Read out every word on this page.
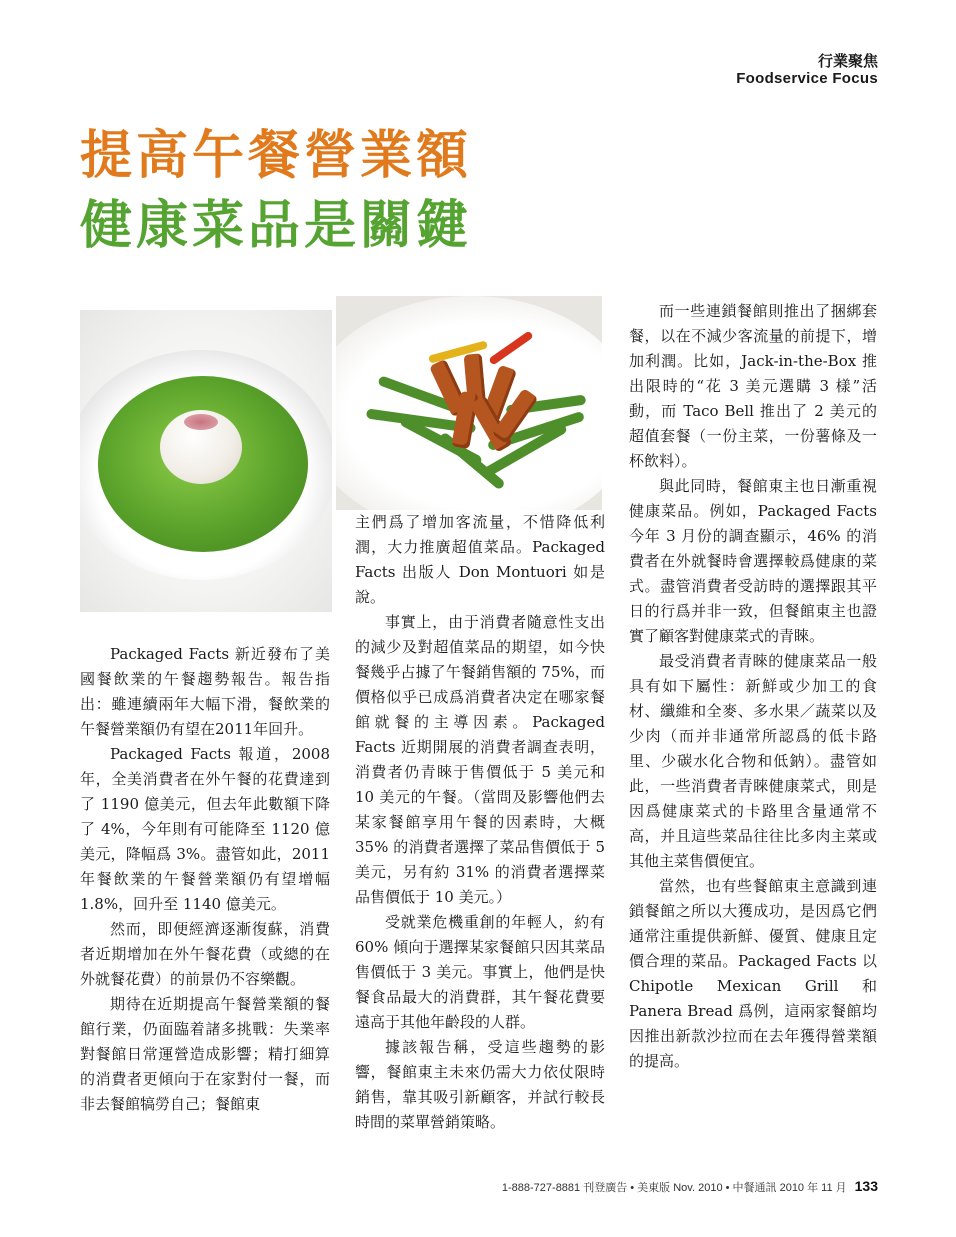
行業聚焦
Foodservice Focus
提高午餐營業額
健康菜品是關鍵

Packaged Facts 新近發布了美國餐飲業的午餐趨勢報告。報告指出：雖連續兩年大幅下滑，餐飲業的午餐營業額仍有望在2011年回升。

Packaged Facts 報道，2008 年，全美消費者在外午餐的花費達到了 1190 億美元，但去年此數額下降了 4%，今年則有可能降至 1120 億美元，降幅爲 3%。盡管如此，2011 年餐飲業的午餐營業額仍有望增幅 1.8%，回升至 1140 億美元。

然而，即便經濟逐漸復蘇，消費者近期增加在外午餐花費（或總的在外就餐花費）的前景仍不容樂觀。

期待在近期提高午餐營業額的餐館行業，仍面臨着諸多挑戰：失業率對餐館日常運營造成影響；精打細算的消費者更傾向于在家對付一餐，而非去餐館犒勞自己；餐館東

主們爲了增加客流量，不惜降低利潤，大力推廣超值菜品。Packaged Facts 出版人 Don Montuori 如是說。

事實上，由于消費者隨意性支出的減少及對超值菜品的期望，如今快餐幾乎占據了午餐銷售額的 75%，而價格似乎已成爲消費者决定在哪家餐館就餐的主導因素。Packaged Facts 近期開展的消費者調查表明，消費者仍青睞于售價低于 5 美元和 10 美元的午餐。（當問及影響他們去某家餐館享用午餐的因素時，大概 35% 的消費者選擇了菜品售價低于 5 美元，另有約 31% 的消費者選擇菜品售價低于 10 美元。）

受就業危機重創的年輕人，約有 60% 傾向于選擇某家餐館只因其菜品售價低于 3 美元。事實上，他們是快餐食品最大的消費群，其午餐花費要遠高于其他年齡段的人群。

據該報告稱，受這些趨勢的影響，餐館東主未來仍需大力依仗限時銷售，靠其吸引新顧客，并試行較長時間的菜單營銷策略。

而一些連鎖餐館則推出了捆綁套餐，以在不減少客流量的前提下，增加利潤。比如，Jack-in-the-Box 推出限時的“花 3 美元選購 3 樣”活動，而 Taco Bell 推出了 2 美元的超值套餐（一份主菜，一份薯條及一杯飲料）。

與此同時，餐館東主也日漸重視健康菜品。例如，Packaged Facts 今年 3 月份的調查顯示，46% 的消費者在外就餐時會選擇較爲健康的菜式。盡管消費者受訪時的選擇跟其平日的行爲并非一致，但餐館東主也證實了顧客對健康菜式的青睞。

最受消費者青睞的健康菜品一般具有如下屬性：新鮮或少加工的食材、纖維和全麥、多水果／蔬菜以及少肉（而并非通常所認爲的低卡路里、少碳水化合物和低鈉）。盡管如此，一些消費者青睞健康菜式，則是因爲健康菜式的卡路里含量通常不高，并且這些菜品往往比多肉主菜或其他主菜售價便宜。

當然，也有些餐館東主意識到連鎖餐館之所以大獲成功，是因爲它們通常注重提供新鮮、優質、健康且定價合理的菜品。Packaged Facts 以 Chipotle Mexican Grill 和 Panera Bread 爲例，這兩家餐館均因推出新款沙拉而在去年獲得營業額的提高。

1-888-727-8881 刊登廣告 • 美東版 Nov. 2010 • 中餐通訊 2010 年 11 月 133
